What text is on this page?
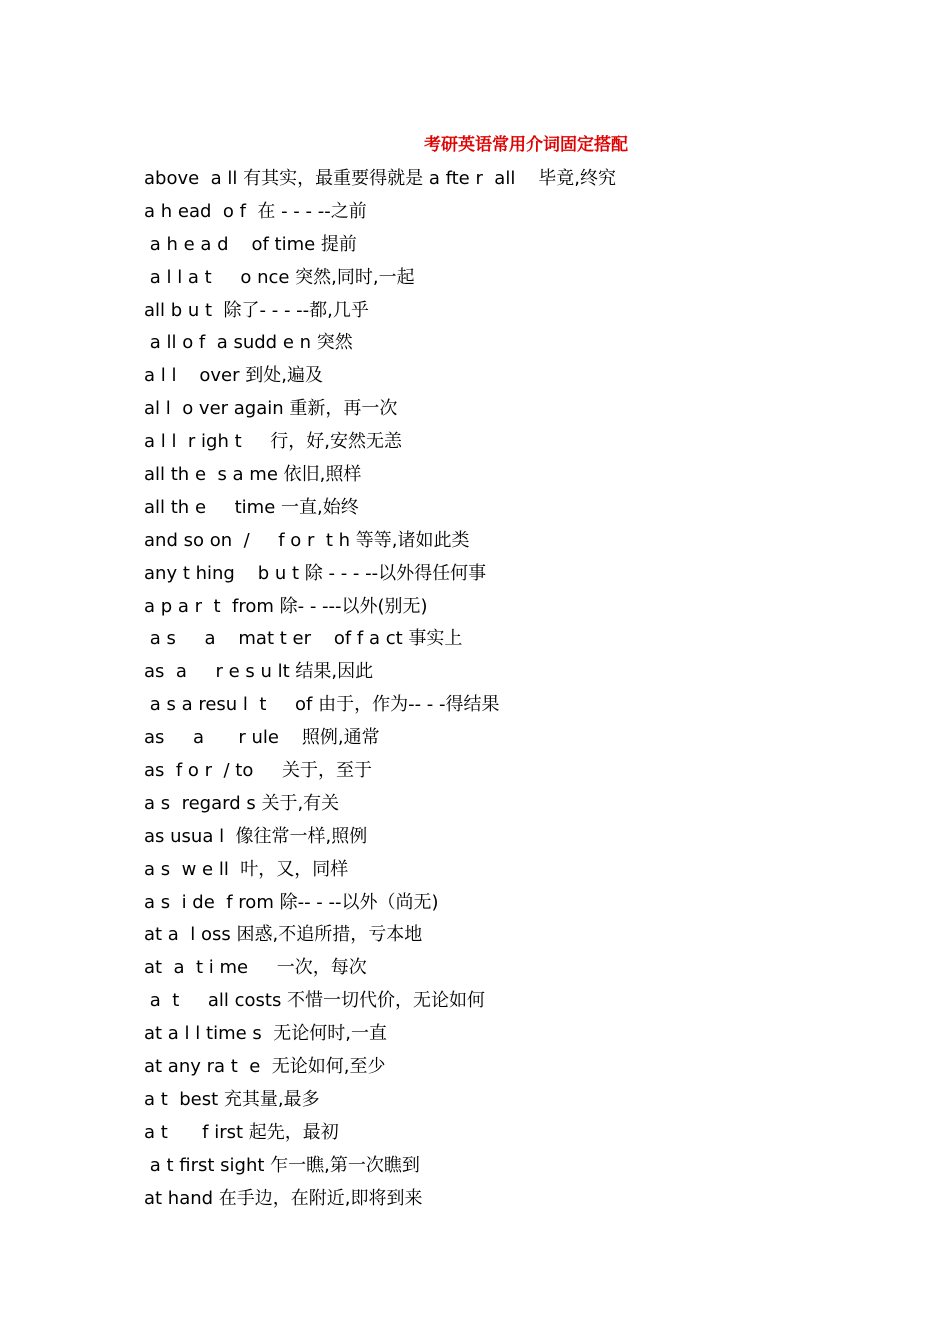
考研英语常用介词固定搭配
above  a ll 有其实，最重要得就是 a fte r  all    毕竟,终究
a h ead  o f  在 - - - --之前
a h e a d    of time 提前
a l l a t     o nce 突然,同时,一起
all b u t  除了- - - --都,几乎
a ll o f  a sudd e n 突然
a l l    over 到处,遍及
al l  o ver again 重新，再一次
a l l  r igh t     行，好,安然无恙
all th e  s a me 依旧,照样
all th e     time 一直,始终
and so on  /     f o r  t h 等等,诸如此类
any t hing    b u t 除 - - - --以外得任何事
a p a r  t  from 除- - ---以外(别无)
a s     a    mat t er    of f a ct 事实上
as  a     r e s u lt 结果,因此
a s a resu l  t     of 由于，作为-- - -得结果
as     a      r ule    照例,通常
as  f o r  / to     关于，至于
a s  regard s 关于,有关
as usua l  像往常一样,照例
a s  w e ll  叶，又，同样
a s  i de  f rom 除-- - --以外（尚无)
at a  l oss 困惑,不追所措，亏本地
at  a  t i me     一次，每次
a  t     all costs 不惜一切代价，无论如何
at a l l time s  无论何时,一直
at any ra t  e  无论如何,至少
a t  best 充其量,最多
a t      f irst 起先，最初
a t first sight 乍一瞧,第一次瞧到
at hand 在手边，在附近,即将到来
